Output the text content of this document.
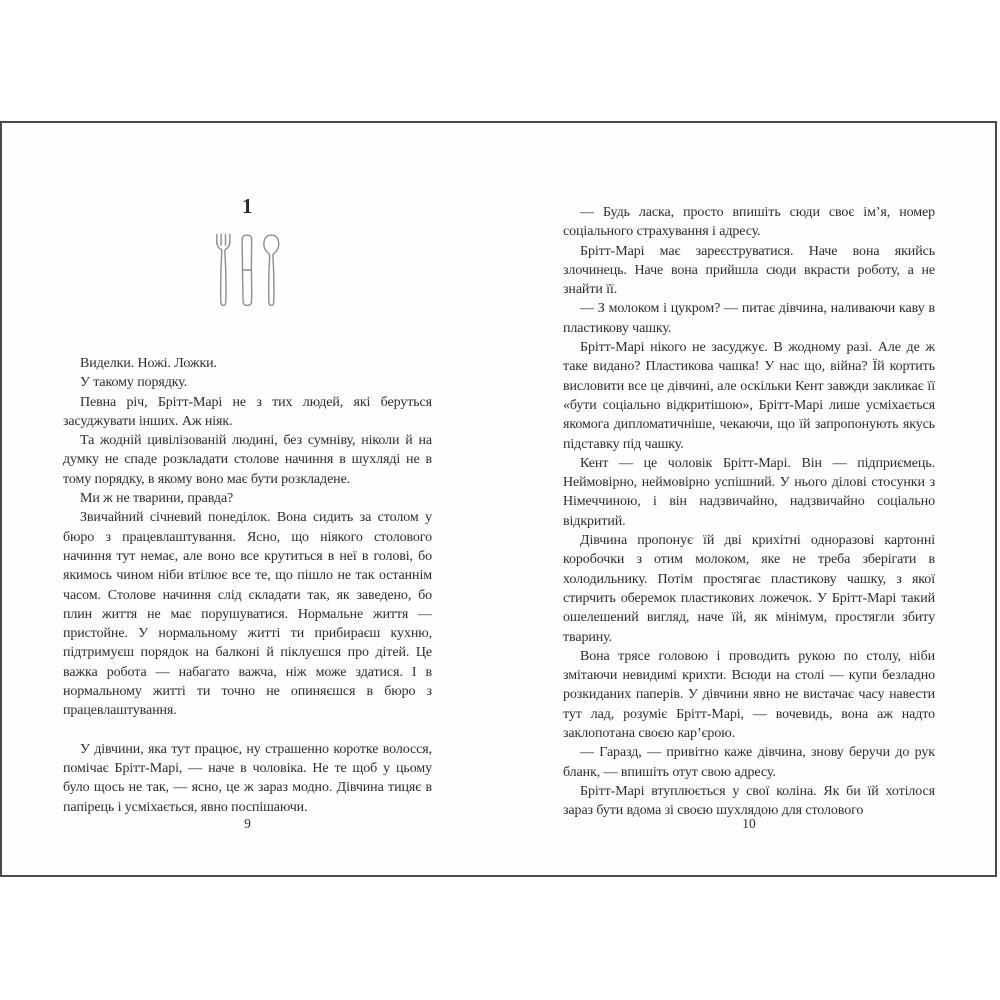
1
Виделки. Ножі. Ложки.
У такому порядку.
Певна річ, Брітт-Марі не з тих людей, які беруться засуджувати інших. Аж ніяк.
Та жодній цивілізованій людині, без сумніву, ніколи й на думку не спаде розкладати столове начиння в шухляді не в тому порядку, в якому воно має бути розкладене.
Ми ж не тварини, правда?
Звичайний січневий понеділок. Вона сидить за столом у бюро з працевлаштування. Ясно, що ніякого столового начиння тут немає, але воно все крутиться в неї в голові, бо якимось чином ніби втілює все те, що пішло не так останнім часом. Столове начиння слід складати так, як заведено, бо плин життя не має порушуватися. Нормальне життя — пристойне. У нормальному житті ти прибираєш кухню, підтримуєш порядок на балконі й піклуєшся про дітей. Це важка робота — набагато важча, ніж може здатися. І в нормальному житті ти точно не опиняєшся в бюро з працевлаштування.
У дівчини, яка тут працює, ну страшенно коротке волосся, помічає Брітт-Марі, — наче в чоловіка. Не те щоб у цьому було щось не так, — ясно, це ж зараз модно. Дівчина тицяє в папірець і усміхається, явно поспішаючи.
— Будь ласка, просто впишіть сюди своє ім’я, номер соціального страхування і адресу.
Брітт-Марі має зареєструватися. Наче вона якийсь злочинець. Наче вона прийшла сюди вкрасти роботу, а не знайти її.
— З молоком і цукром? — питає дівчина, наливаючи каву в пластикову чашку.
Брітт-Марі нікого не засуджує. В жодному разі. Але де ж таке видано? Пластикова чашка! У нас що, війна? Їй кортить висловити все це дівчині, але оскільки Кент завжди закликає її «бути соціально відкритішою», Брітт-Марі лише усміхається якомога дипломатичніше, чекаючи, що їй запропонують якусь підставку під чашку.
Кент — це чоловік Брітт-Марі. Він — підприємець. Неймовірно, неймовірно успішний. У нього ділові стосунки з Німеччиною, і він надзвичайно, надзвичайно соціально відкритий.
Дівчина пропонує їй дві крихітні одноразові картонні коробочки з отим молоком, яке не треба зберігати в холодильнику. Потім простягає пластикову чашку, з якої стирчить оберемок пластикових ложечок. У Брітт-Марі такий ошелешений вигляд, наче їй, як мінімум, простягли збиту тварину.
Вона трясе головою і проводить рукою по столу, ніби змітаючи невидимі крихти. Всюди на столі — купи безладно розкиданих паперів. У дівчини явно не вистачає часу навести тут лад, розуміє Брітт-Марі, — вочевидь, вона аж надто заклопотана своєю кар’єрою.
— Гаразд, — привітно каже дівчина, знову беручи до рук бланк, — впишіть отут свою адресу.
Брітт-Марі втуплюється у свої коліна. Як би їй хотілося зараз бути вдома зі своєю шухлядою для столового
9	10
